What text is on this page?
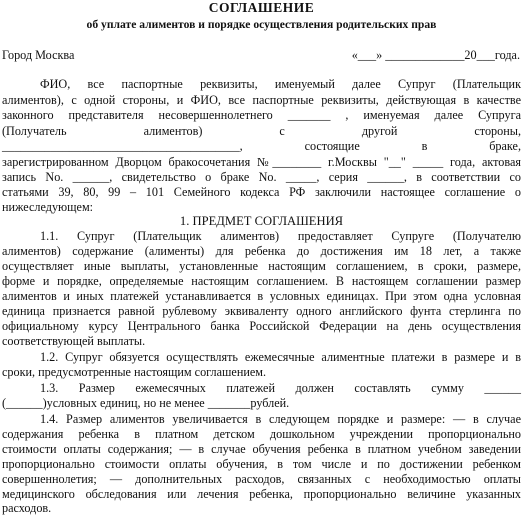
СОГЛАШЕНИЕ
об уплате алиментов и порядке осуществления родительских прав
Город Москва	«___» _____________20___года.
ФИО, все паспортные реквизиты, именуемый далее Супруг (Плательщик
алиментов), с одной стороны, и ФИО, все паспортные реквизиты, действующая в качестве
законного представителя несовершеннолетнего _______ , именуемая далее Супруга
(Получатель алиментов) с другой стороны,
_______________________________________, состоящие в браке,
зарегистрированном Дворцом бракосочетания №________ г.Москвы "__" _____ года, актовая
запись No. ______, свидетельство о браке No. _____, серия ______, в соответствии со
статьями 39, 80, 99 – 101 Семейного кодекса РФ заключили настоящее соглашение о
нижеследующем:
1. ПРЕДМЕТ СОГЛАШЕНИЯ
1.1. Супруг (Плательщик алиментов) предоставляет Супруге (Получателю
алиментов) содержание (алименты) для ребенка до достижения им 18 лет, а также
осуществляет иные выплаты, установленные настоящим соглашением, в сроки, размере,
форме и порядке, определяемые настоящим соглашением. В настоящем соглашении размер
алиментов и иных платежей устанавливается в условных единицах. При этом одна условная
единица признается равной рублевому эквиваленту одного английского фунта стерлинга по
официальному курсу Центрального банка Российской Федерации на день осуществления
соответствующей выплаты.
1.2. Супруг обязуется осуществлять ежемесячные алиментные платежи в размере и в
сроки, предусмотренные настоящим соглашением.
1.3. Размер ежемесячных платежей должен составлять сумму ______
(______)условных единиц, но не менее _______рублей.
1.4. Размер алиментов увеличивается в следующем порядке и размере: — в случае
содержания ребенка в платном детском дошкольном учреждении пропорционально
стоимости оплаты содержания; — в случае обучения ребенка в платном учебном заведении
пропорционально стоимости оплаты обучения, в том числе и по достижении ребенком
совершеннолетия; — дополнительных расходов, связанных с необходимостью оплаты
медицинского обследования или лечения ребенка, пропорционально величине указанных
расходов.
